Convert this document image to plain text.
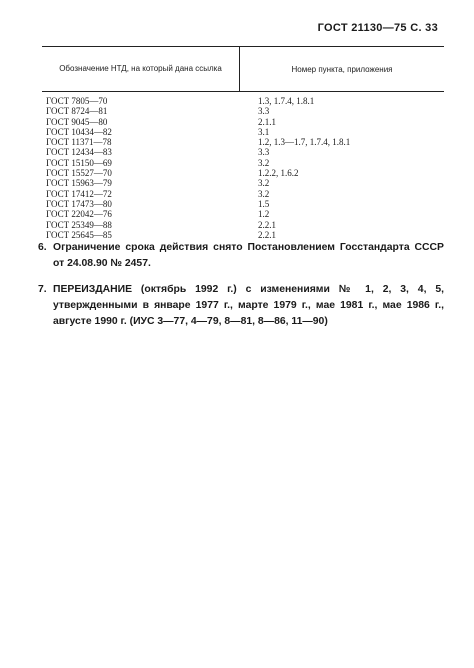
ГОСТ 21130—75 С. 33
Обозначение НТД, на который дана ссылка	Номер пункта, приложения
ГОСТ 7805—70	1.3, 1.7.4, 1.8.1
ГОСТ 8724—81	3.3
ГОСТ 9045—80	2.1.1
ГОСТ 10434—82	3.1
ГОСТ 11371—78	1.2, 1.3—1.7, 1.7.4, 1.8.1
ГОСТ 12434—83	3.3
ГОСТ 15150—69	3.2
ГОСТ 15527—70	1.2.2, 1.6.2
ГОСТ 15963—79	3.2
ГОСТ 17412—72	3.2
ГОСТ 17473—80	1.5
ГОСТ 22042—76	1.2
ГОСТ 25349—88	2.2.1
ГОСТ 25645—85	2.2.1
6. Ограничение срока действия снято Постановлением Госстандарта СССР от 24.08.90 № 2457.
7. ПЕРЕИЗДАНИЕ (октябрь 1992 г.) с изменениями № 1, 2, 3, 4, 5, утвержденными в январе 1977 г., марте 1979 г., мае 1981 г., мае 1986 г., августе 1990 г. (ИУС 3—77, 4—79, 8—81, 8—86, 11—90)
